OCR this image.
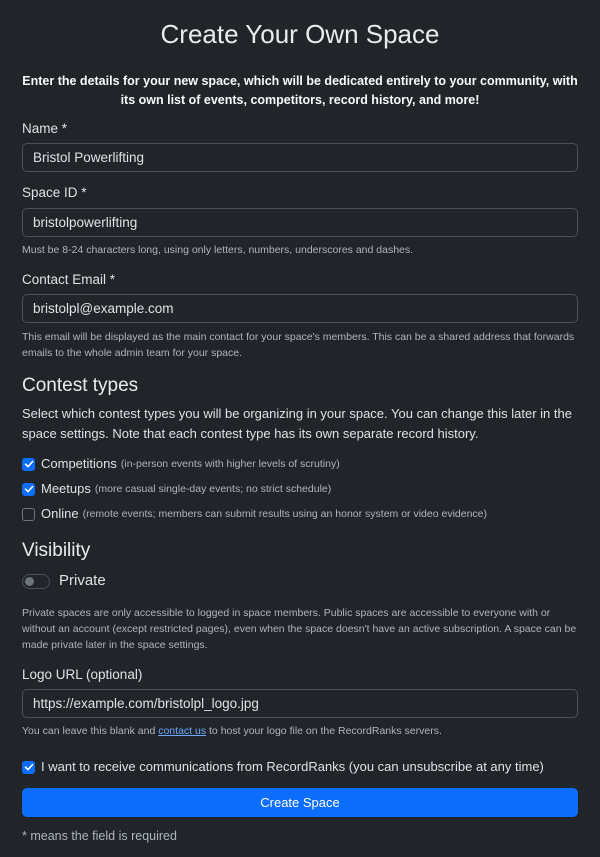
Create Your Own Space

Enter the details for your new space, which will be dedicated entirely to your community, with its own list of events, competitors, record history, and more!

Name *
Bristol Powerlifting
Space ID *
bristolpowerlifting
Must be 8-24 characters long, using only letters, numbers, underscores and dashes.
Contact Email *
bristolpl@example.com
This email will be displayed as the main contact for your space's members. This can be a shared address that forwards emails to the whole admin team for your space.
Contest types
Select which contest types you will be organizing in your space. You can change this later in the space settings. Note that each contest type has its own separate record history.
Competitions (in-person events with higher levels of scrutiny)
Meetups (more casual single-day events; no strict schedule)
Online (remote events; members can submit results using an honor system or video evidence)
Visibility
Private
Private spaces are only accessible to logged in space members. Public spaces are accessible to everyone with or without an account (except restricted pages), even when the space doesn't have an active subscription. A space can be made private later in the space settings.
Logo URL (optional)
https://example.com/bristolpl_logo.jpg
You can leave this blank and contact us to host your logo file on the RecordRanks servers.
I want to receive communications from RecordRanks (you can unsubscribe at any time)
Create Space
* means the field is required
